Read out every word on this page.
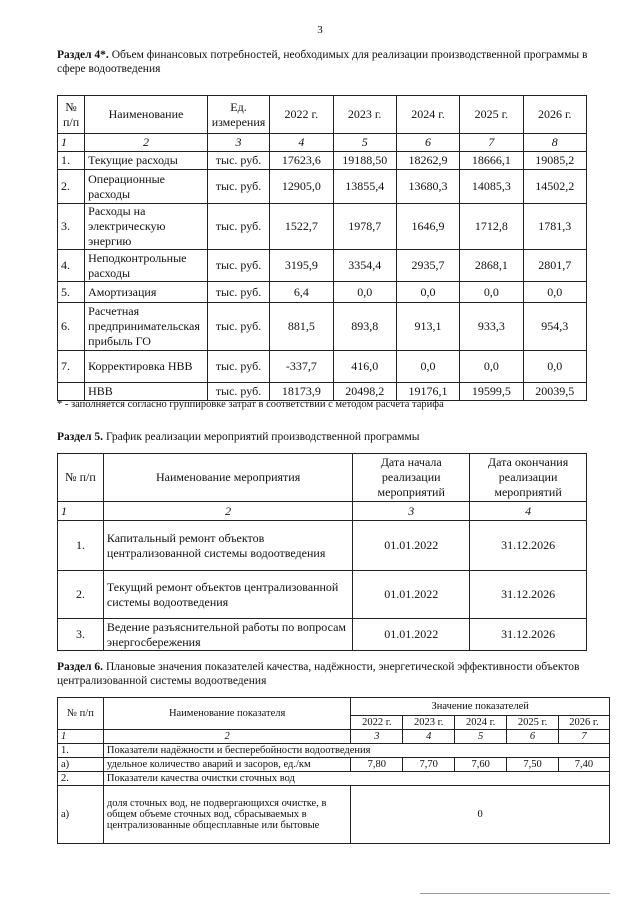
3
Раздел 4*. Объем финансовых потребностей, необходимых для реализации производственной программы в сфере водоотведения
№ п/п	Наименование	Ед. измерения	2022 г.	2023 г.	2024 г.	2025 г.	2026 г.
1	2	3	4	5	6	7	8
1.	Текущие расходы	тыс. руб.	17623,6	19188,50	18262,9	18666,1	19085,2
2.	Операционные расходы	тыс. руб.	12905,0	13855,4	13680,3	14085,3	14502,2
3.	Расходы на электрическую энергию	тыс. руб.	1522,7	1978,7	1646,9	1712,8	1781,3
4.	Неподконтрольные расходы	тыс. руб.	3195,9	3354,4	2935,7	2868,1	2801,7
5.	Амортизация	тыс. руб.	6,4	0,0	0,0	0,0	0,0
6.	Расчетная предпринимательская прибыль ГО	тыс. руб.	881,5	893,8	913,1	933,3	954,3
7.	Корректировка НВВ	тыс. руб.	-337,7	416,0	0,0	0,0	0,0
	НВВ	тыс. руб.	18173,9	20498,2	19176,1	19599,5	20039,5
* - заполняется согласно группировке затрат в соответствии с методом расчета тарифа
Раздел 5. График реализации мероприятий производственной программы
№ п/п	Наименование мероприятия	Дата начала реализации мероприятий	Дата окончания реализации мероприятий
1	2	3	4
1.	Капитальный ремонт объектов централизованной системы водоотведения	01.01.2022	31.12.2026
2.	Текущий ремонт объектов централизованной системы водоотведения	01.01.2022	31.12.2026
3.	Ведение разъяснительной работы по вопросам энергосбережения	01.01.2022	31.12.2026
Раздел 6. Плановые значения показателей качества, надёжности, энергетической эффективности объектов централизованной системы водоотведения
№ п/п	Наименование показателя	Значение показателей				
		2022 г.	2023 г.	2024 г.	2025 г.	2026 г.
1	2	3	4	5	6	7
1.	Показатели надёжности и бесперебойности водоотведения					
а)	удельное количество аварий и засоров, ед./км	7,80	7,70	7,60	7,50	7,40
2.	Показатели качества очистки сточных вод					
а)	доля сточных вод, не подвергающихся очистке, в общем объеме сточных вод, сбрасываемых в централизованные общесплавные или бытовые	0				
